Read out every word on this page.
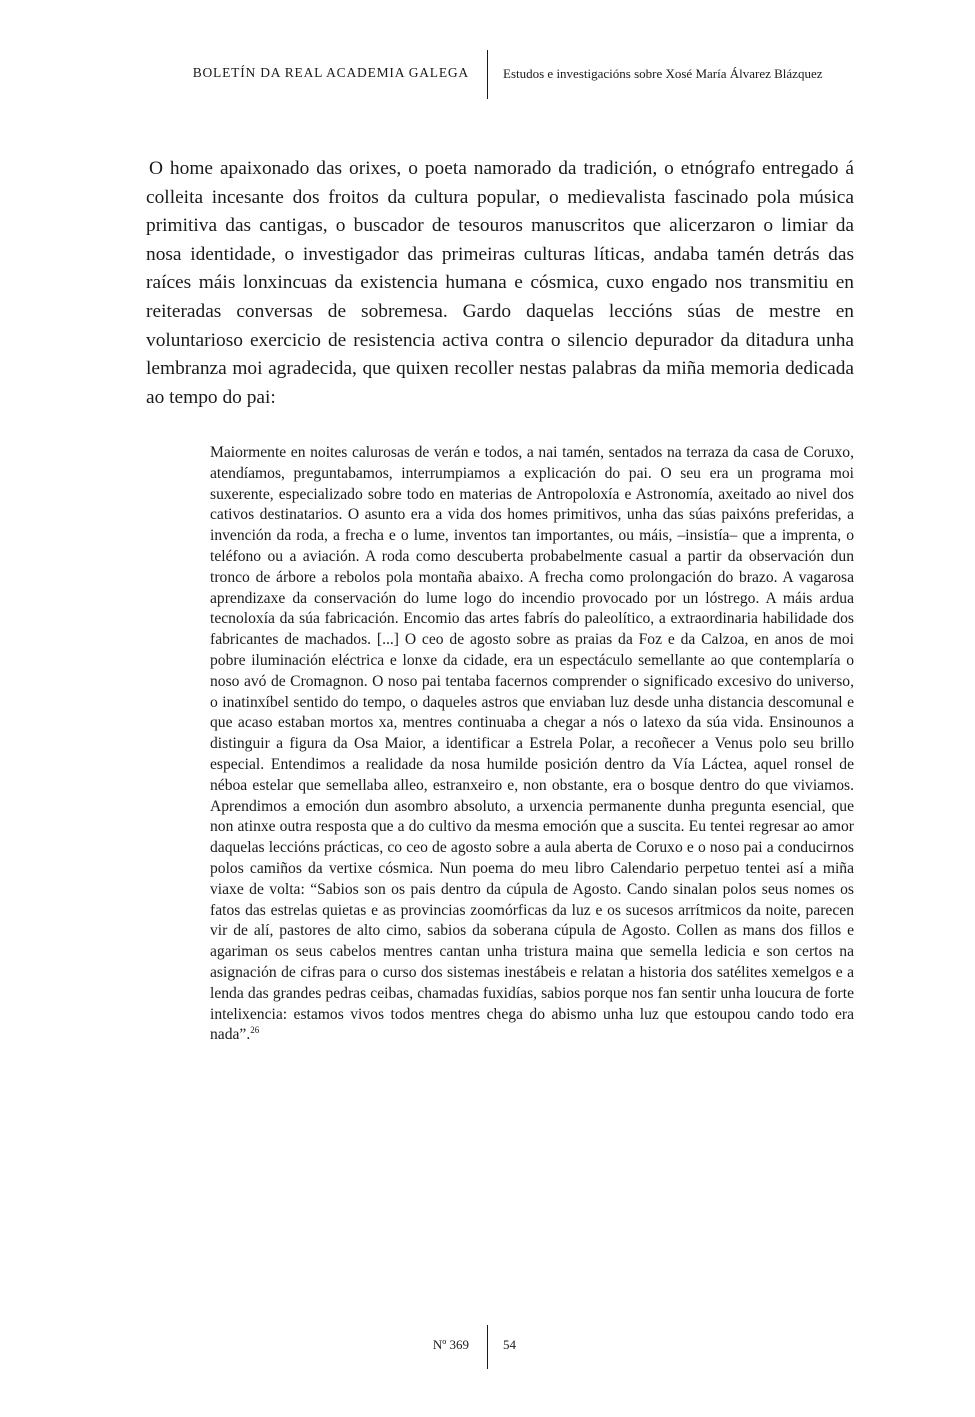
BOLETÍN DA REAL ACADEMIA GALEGA	Estudos e investigacións sobre Xosé María Álvarez Blázquez

O home apaixonado das orixes, o poeta namorado da tradición, o etnógrafo entregado á colleita incesante dos froitos da cultura popular, o medievalista fascinado pola música primitiva das cantigas, o buscador de tesouros manuscritos que alicerzaron o limiar da nosa identidade, o investigador das primeiras culturas líticas, andaba tamén detrás das raíces máis lonxincuas da existencia humana e cósmica, cuxo engado nos transmitiu en reiteradas conversas de sobremesa. Gardo daquelas leccións súas de mestre en voluntarioso exercicio de resistencia activa contra o silencio depurador da ditadura unha lembranza moi agradecida, que quixen recoller nestas palabras da miña memoria dedicada ao tempo do pai:

Maiormente en noites calurosas de verán e todos, a nai tamén, sentados na terraza da casa de Coruxo, atendíamos, preguntabamos, interrumpiamos a explicación do pai. O seu era un programa moi suxerente, especializado sobre todo en materias de Antropoloxía e Astronomía, axeitado ao nivel dos cativos destinatarios. O asunto era a vida dos homes primitivos, unha das súas paixóns preferidas, a invención da roda, a frecha e o lume, inventos tan importantes, ou máis, –insistía– que a imprenta, o teléfono ou a aviación. A roda como descuberta probabelmente casual a partir da observación dun tronco de árbore a rebolos pola montaña abaixo. A frecha como prolongación do brazo. A vagarosa aprendizaxe da conservación do lume logo do incendio provocado por un lóstrego. A máis ardua tecnoloxía da súa fabricación. Encomio das artes fabrís do paleolítico, a extraordinaria habilidade dos fabricantes de machados. [...] O ceo de agosto sobre as praias da Foz e da Calzoa, en anos de moi pobre iluminación eléctrica e lonxe da cidade, era un espectáculo semellante ao que contemplaría o noso avó de Cromagnon. O noso pai tentaba facernos comprender o significado excesivo do universo, o inatinxíbel sentido do tempo, o daqueles astros que enviaban luz desde unha distancia descomunal e que acaso estaban mortos xa, mentres continuaba a chegar a nós o latexo da súa vida. Ensinounos a distinguir a figura da Osa Maior, a identificar a Estrela Polar, a recoñecer a Venus polo seu brillo especial. Entendimos a realidade da nosa humilde posición dentro da Vía Láctea, aquel ronsel de néboa estelar que semellaba alleo, estranxeiro e, non obstante, era o bosque dentro do que viviamos. Aprendimos a emoción dun asombro absoluto, a urxencia permanente dunha pregunta esencial, que non atinxe outra resposta que a do cultivo da mesma emoción que a suscita. Eu tentei regresar ao amor daquelas leccións prácticas, co ceo de agosto sobre a aula aberta de Coruxo e o noso pai a conducirnos polos camiños da vertixe cósmica. Nun poema do meu libro Calendario perpetuo tentei así a miña viaxe de volta: “Sabios son os pais dentro da cúpula de Agosto. Cando sinalan polos seus nomes os fatos das estrelas quietas e as provincias zoomórficas da luz e os sucesos arrítmicos da noite, parecen vir de alí, pastores de alto cimo, sabios da soberana cúpula de Agosto. Collen as mans dos fillos e agariman os seus cabelos mentres cantan unha tristura maina que semella ledicia e son certos na asignación de cifras para o curso dos sistemas inestábeis e relatan a historia dos satélites xemelgos e a lenda das grandes pedras ceibas, chamadas fuxidías, sabios porque nos fan sentir unha loucura de forte intelixencia: estamos vivos todos mentres chega do abismo unha luz que estoupou cando todo era nada”.$^{26}$

Nº 369	54
